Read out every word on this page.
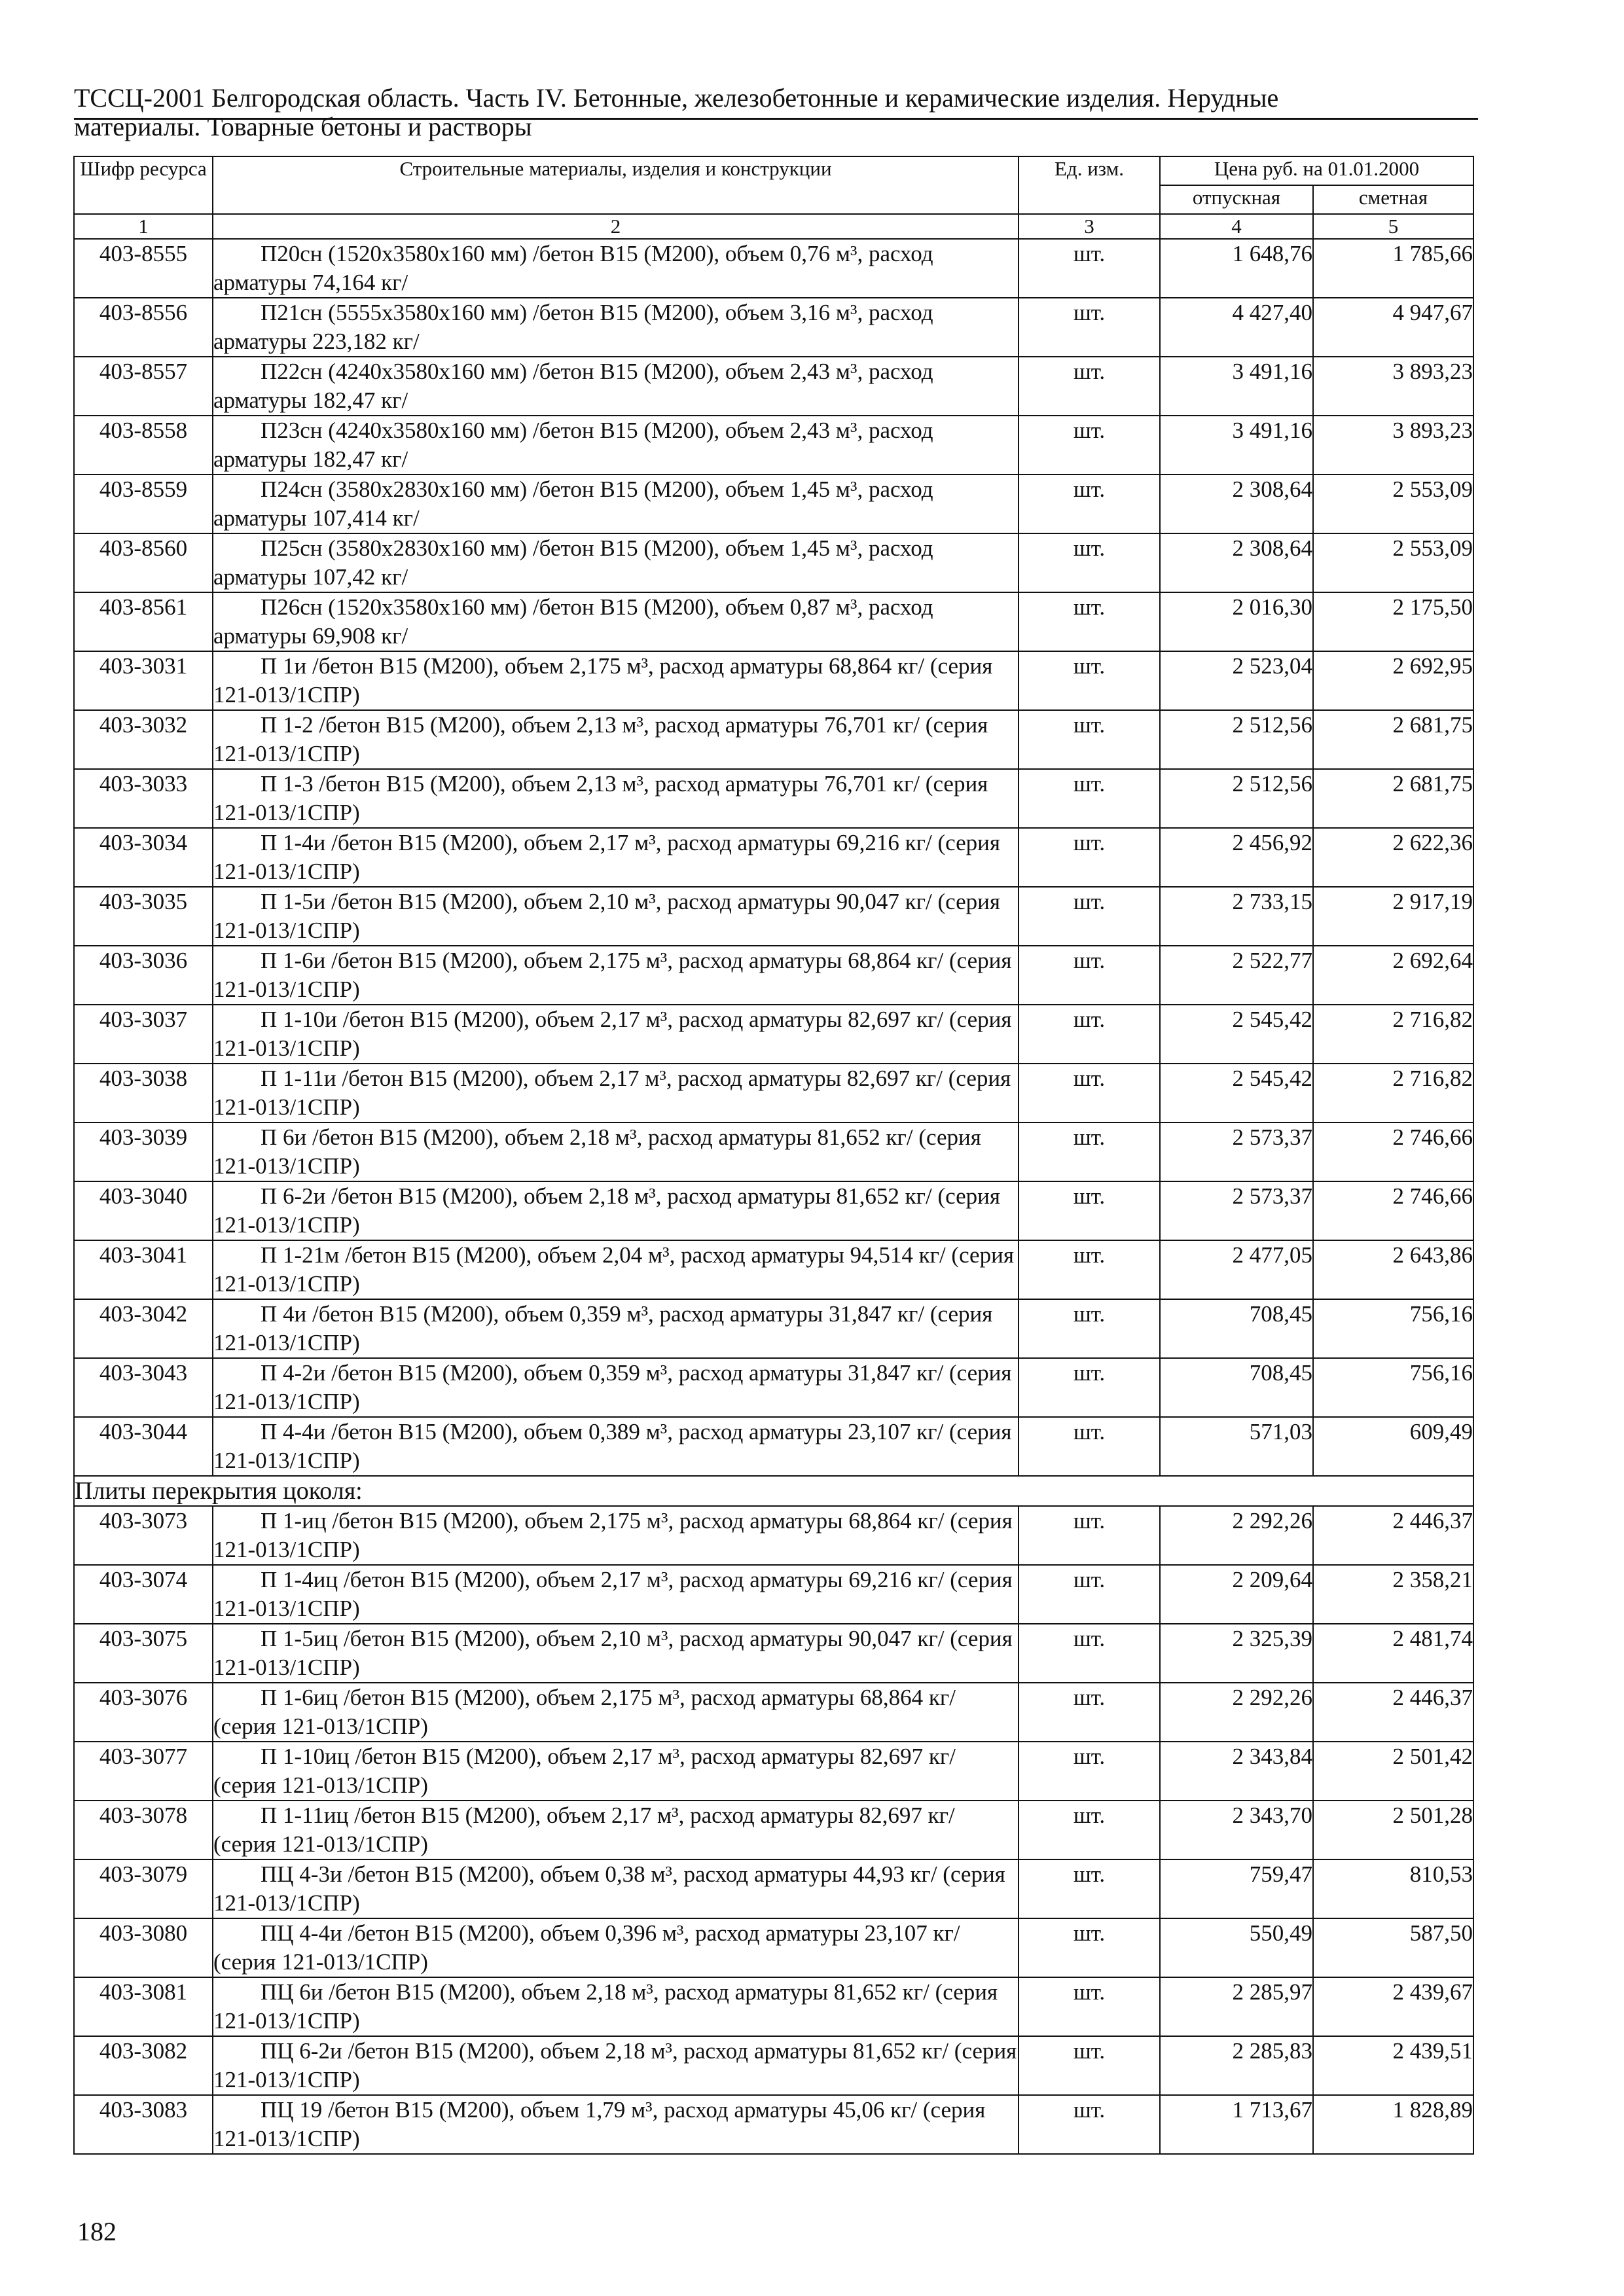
ТССЦ-2001 Белгородская область. Часть IV. Бетонные, железобетонные и керамические изделия. Нерудные
материалы. Товарные бетоны и растворы
Шифр ресурса	Строительные материалы, изделия и конструкции	Ед. изм.	Цена руб. на 01.01.2000	
			отпускная	сметная
1	2	3	4	5
403-8555	П20сн (1520х3580х160 мм) /бетон В15 (М200), объем 0,76 м³, расход арматуры 74,164 кг/	шт.	1 648,76	1 785,66
403-8556	П21сн (5555х3580х160 мм) /бетон В15 (М200), объем 3,16 м³, расход арматуры 223,182 кг/	шт.	4 427,40	4 947,67
403-8557	П22сн (4240х3580х160 мм) /бетон В15 (М200), объем 2,43 м³, расход арматуры 182,47 кг/	шт.	3 491,16	3 893,23
403-8558	П23сн (4240х3580х160 мм) /бетон В15 (М200), объем 2,43 м³, расход арматуры 182,47 кг/	шт.	3 491,16	3 893,23
403-8559	П24сн (3580х2830х160 мм) /бетон В15 (М200), объем 1,45 м³, расход арматуры 107,414 кг/	шт.	2 308,64	2 553,09
403-8560	П25сн (3580х2830х160 мм) /бетон В15 (М200), объем 1,45 м³, расход арматуры 107,42 кг/	шт.	2 308,64	2 553,09
403-8561	П26сн (1520х3580х160 мм) /бетон В15 (М200), объем 0,87 м³, расход арматуры 69,908 кг/	шт.	2 016,30	2 175,50
403-3031	П 1и /бетон В15 (М200), объем 2,175 м³, расход арматуры 68,864 кг/ (серия 121-013/1СПР)	шт.	2 523,04	2 692,95
403-3032	П 1-2 /бетон В15 (М200), объем 2,13 м³, расход арматуры 76,701 кг/ (серия 121-013/1СПР)	шт.	2 512,56	2 681,75
403-3033	П 1-3 /бетон В15 (М200), объем 2,13 м³, расход арматуры 76,701 кг/ (серия 121-013/1СПР)	шт.	2 512,56	2 681,75
403-3034	П 1-4и /бетон В15 (М200), объем 2,17 м³, расход арматуры 69,216 кг/ (серия 121-013/1СПР)	шт.	2 456,92	2 622,36
403-3035	П 1-5и /бетон В15 (М200), объем 2,10 м³, расход арматуры 90,047 кг/ (серия 121-013/1СПР)	шт.	2 733,15	2 917,19
403-3036	П 1-6и /бетон В15 (М200), объем 2,175 м³, расход арматуры 68,864 кг/ (серия 121-013/1СПР)	шт.	2 522,77	2 692,64
403-3037	П 1-10и /бетон В15 (М200), объем 2,17 м³, расход арматуры 82,697 кг/ (серия 121-013/1СПР)	шт.	2 545,42	2 716,82
403-3038	П 1-11и /бетон В15 (М200), объем 2,17 м³, расход арматуры 82,697 кг/ (серия 121-013/1СПР)	шт.	2 545,42	2 716,82
403-3039	П 6и /бетон В15 (М200), объем 2,18 м³, расход арматуры 81,652 кг/ (серия 121-013/1СПР)	шт.	2 573,37	2 746,66
403-3040	П 6-2и /бетон В15 (М200), объем 2,18 м³, расход арматуры 81,652 кг/ (серия 121-013/1СПР)	шт.	2 573,37	2 746,66
403-3041	П 1-21м /бетон В15 (М200), объем 2,04 м³, расход арматуры 94,514 кг/ (серия 121-013/1СПР)	шт.	2 477,05	2 643,86
403-3042	П 4и /бетон В15 (М200), объем 0,359 м³, расход арматуры 31,847 кг/ (серия 121-013/1СПР)	шт.	708,45	756,16
403-3043	П 4-2и /бетон В15 (М200), объем 0,359 м³, расход арматуры 31,847 кг/ (серия 121-013/1СПР)	шт.	708,45	756,16
403-3044	П 4-4и /бетон В15 (М200), объем 0,389 м³, расход арматуры 23,107 кг/ (серия 121-013/1СПР)	шт.	571,03	609,49
Плиты перекрытия цоколя:				
403-3073	П 1-иц /бетон В15 (М200), объем 2,175 м³, расход арматуры 68,864 кг/ (серия 121-013/1СПР)	шт.	2 292,26	2 446,37
403-3074	П 1-4иц /бетон В15 (М200), объем 2,17 м³, расход арматуры 69,216 кг/ (серия 121-013/1СПР)	шт.	2 209,64	2 358,21
403-3075	П 1-5иц /бетон В15 (М200), объем 2,10 м³, расход арматуры 90,047 кг/ (серия 121-013/1СПР)	шт.	2 325,39	2 481,74
403-3076	П 1-6иц /бетон В15 (М200), объем 2,175 м³, расход арматуры 68,864 кг/ (серия 121-013/1СПР)	шт.	2 292,26	2 446,37
403-3077	П 1-10иц /бетон В15 (М200), объем 2,17 м³, расход арматуры 82,697 кг/ (серия 121-013/1СПР)	шт.	2 343,84	2 501,42
403-3078	П 1-11иц /бетон В15 (М200), объем 2,17 м³, расход арматуры 82,697 кг/ (серия 121-013/1СПР)	шт.	2 343,70	2 501,28
403-3079	ПЦ 4-3и /бетон В15 (М200), объем 0,38 м³, расход арматуры 44,93 кг/ (серия 121-013/1СПР)	шт.	759,47	810,53
403-3080	ПЦ 4-4и /бетон В15 (М200), объем 0,396 м³, расход арматуры 23,107 кг/ (серия 121-013/1СПР)	шт.	550,49	587,50
403-3081	ПЦ 6и /бетон В15 (М200), объем 2,18 м³, расход арматуры 81,652 кг/ (серия 121-013/1СПР)	шт.	2 285,97	2 439,67
403-3082	ПЦ 6-2и /бетон В15 (М200), объем 2,18 м³, расход арматуры 81,652 кг/ (серия 121-013/1СПР)	шт.	2 285,83	2 439,51
403-3083	ПЦ 19 /бетон В15 (М200), объем 1,79 м³, расход арматуры 45,06 кг/ (серия 121-013/1СПР)	шт.	1 713,67	1 828,89
182
